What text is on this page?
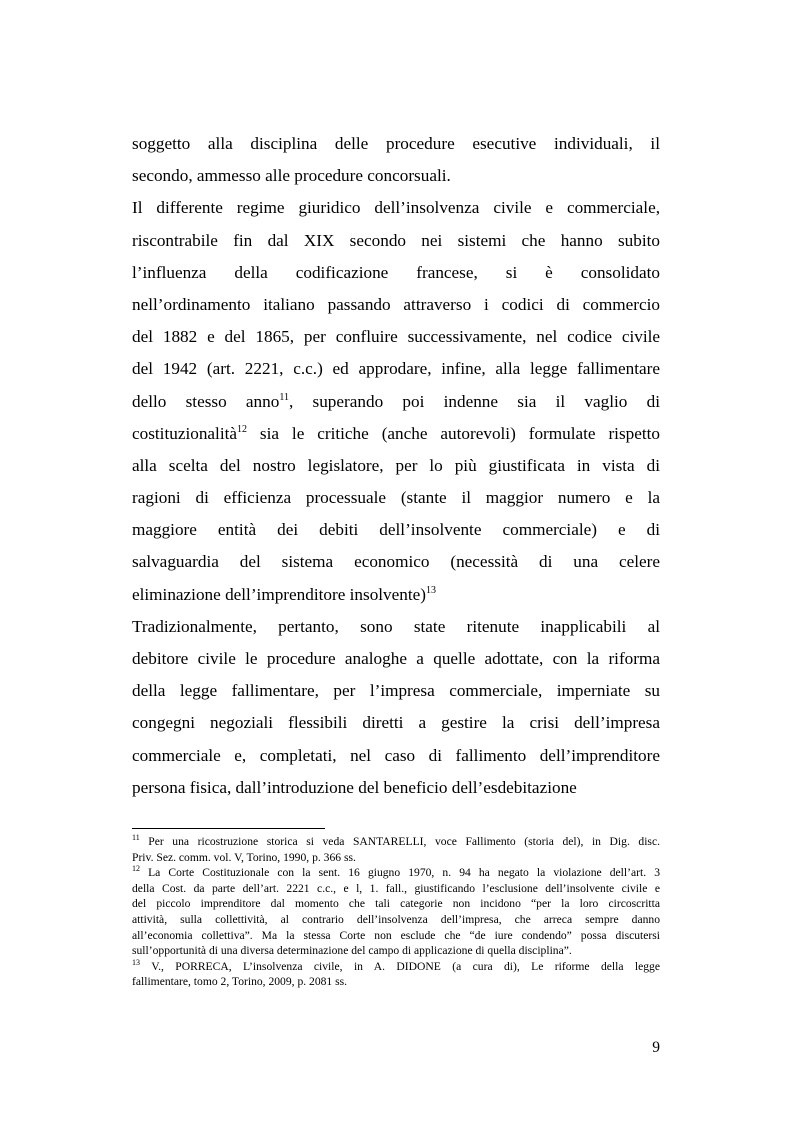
soggetto alla disciplina delle procedure esecutive individuali, il
secondo, ammesso alle procedure concorsuali.
Il differente regime giuridico dell’insolvenza civile e commerciale,
riscontrabile fin dal XIX secondo nei sistemi che hanno subito
l’influenza della codificazione francese, si è consolidato
nell’ordinamento italiano passando attraverso i codici di commercio
del 1882 e del 1865, per confluire successivamente, nel codice civile
del 1942 (art. 2221, c.c.) ed approdare, infine, alla legge fallimentare
dello stesso anno$^{11}$, superando poi indenne sia il vaglio di
costituzionalità$^{12}$ sia le critiche (anche autorevoli) formulate rispetto
alla scelta del nostro legislatore, per lo più giustificata in vista di
ragioni di efficienza processuale (stante il maggior numero e la
maggiore entità dei debiti dell’insolvente commerciale) e di
salvaguardia del sistema economico (necessità di una celere
eliminazione dell’imprenditore insolvente)$^{13}$
Tradizionalmente, pertanto, sono state ritenute inapplicabili al
debitore civile le procedure analoghe a quelle adottate, con la riforma
della legge fallimentare, per l’impresa commerciale, imperniate su
congegni negoziali flessibili diretti a gestire la crisi dell’impresa
commerciale e, completati, nel caso di fallimento dell’imprenditore
persona fisica, dall’introduzione del beneficio dell’esdebitazione
$^{11}$ Per una ricostruzione storica si veda SANTARELLI, voce Fallimento (storia del), in Dig. disc.
Priv. Sez. comm. vol. V, Torino, 1990, p. 366 ss.
$^{12}$ La Corte Costituzionale con la sent. 16 giugno 1970, n. 94 ha negato la violazione dell’art. 3
della Cost. da parte dell’art. 2221 c.c., e l, 1. fall., giustificando l’esclusione dell’insolvente civile e
del piccolo imprenditore dal momento che tali categorie non incidono “per la loro circoscritta
attività, sulla collettività, al contrario dell’insolvenza dell’impresa, che arreca sempre danno
all’economia collettiva”. Ma la stessa Corte non esclude che “de iure condendo” possa discutersi
sull’opportunità di una diversa determinazione del campo di applicazione di quella disciplina”.
$^{13}$ V., PORRECA, L’insolvenza civile, in A. DIDONE (a cura di), Le riforme della legge
fallimentare, tomo 2, Torino, 2009, p. 2081 ss.
9
